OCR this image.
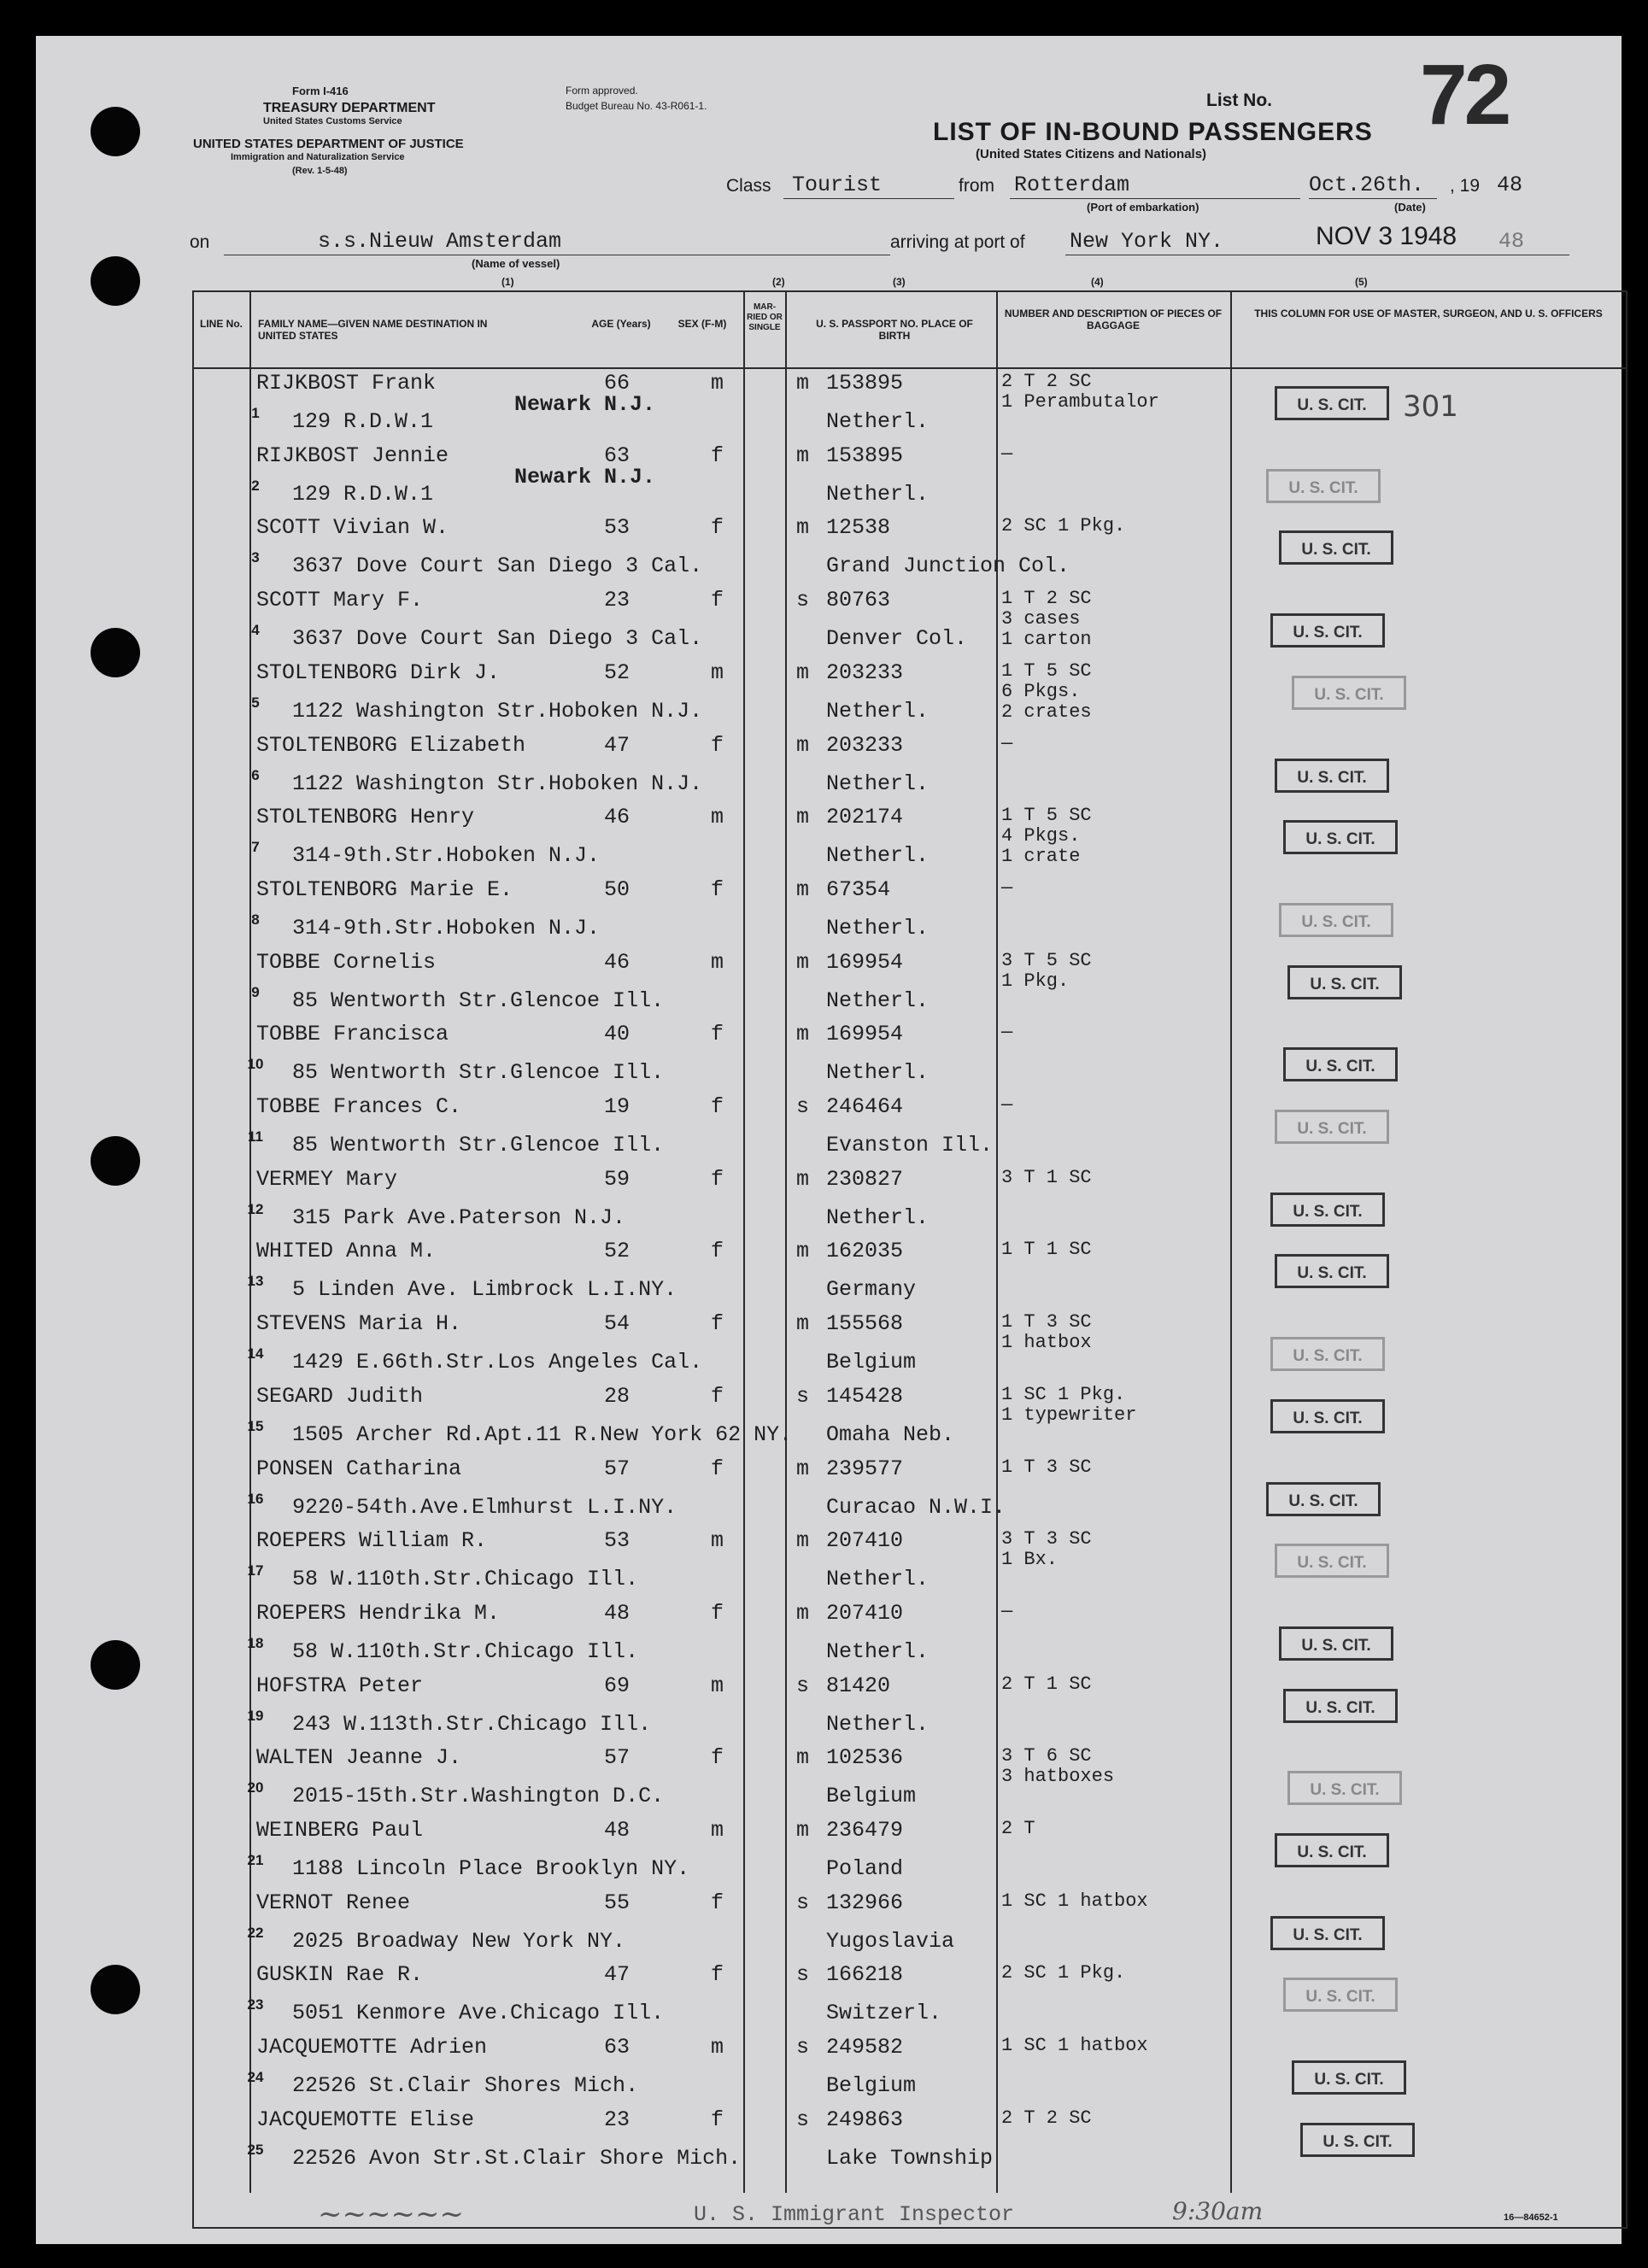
Form I-416
TREASURY DEPARTMENT
United States Customs Service
UNITED STATES DEPARTMENT OF JUSTICE
Immigration and Naturalization Service
(Rev. 1-5-48)
Form approved.
Budget Bureau No. 43-R061-1.	List No. 72
LIST OF IN-BOUND PASSENGERS
(United States Citizens and Nationals)
Class Tourist	from Rotterdam
(Port of embarkation)
Oct.26th. , 19 48
(Date)
on	s.s.Nieuw Amsterdam
(Name of vessel)
arriving at port of New York NY.	NOV 3 1948 48
(1)	(2)	(3)	(4)	(5)
LINE No.	FAMILY NAME—GIVEN NAME DESTINATION IN UNITED STATES
AGE (Years)	SEX (F-M)
MAR-RIED OR SINGLE	U. S. PASSPORT NO. PLACE OF BIRTH
NUMBER AND DESCRIPTION OF PIECES OF BAGGAGE
THIS COLUMN FOR USE OF MASTER, SURGEON, AND U. S. OFFICERS
1
RIJKBOST Frank
129 R.D.W.1
Newark N.J.
66	m	m 153895
Netherl.
2 T 2 SC
1 Perambutalor	301
U. S. CIT.
2
RIJKBOST Jennie
129 R.D.W.1
Newark N.J.
63	f	m 153895
Netherl.
—
U. S. CIT.
3
SCOTT Vivian W.
3637 Dove Court San Diego 3 Cal.
53	f	m 12538
Grand Junction Col.
2 SC 1 Pkg.
U. S. CIT.
4
SCOTT Mary F.
3637 Dove Court San Diego 3 Cal.
23	f	s 80763
Denver Col.
1 T 2 SC
3 cases
1 carton	U. S. CIT.
5
STOLTENBORG Dirk J.
1122 Washington Str.Hoboken N.J.
52	m	m 203233
Netherl.
1 T 5 SC
6 Pkgs.
2 crates
U. S. CIT.
6
STOLTENBORG Elizabeth
1122 Washington Str.Hoboken N.J.
47	f	m 203233
Netherl.
—
U. S. CIT.
7
STOLTENBORG Henry
314-9th.Str.Hoboken N.J.
46	m	m 202174
Netherl.
1 T 5 SC
4 Pkgs.
1 crate
U. S. CIT.
8
STOLTENBORG Marie E.
314-9th.Str.Hoboken N.J.
50	f	m 67354
Netherl.
—
U. S. CIT.
9
TOBBE Cornelis
85 Wentworth Str.Glencoe Ill.
46	m	m 169954
Netherl.
3 T 5 SC
1 Pkg.	U. S. CIT.
10
TOBBE Francisca
85 Wentworth Str.Glencoe Ill.
40	f	m 169954
Netherl.
—
U. S. CIT.
11
TOBBE Frances C.
85 Wentworth Str.Glencoe Ill.
19	f	s 246464
Evanston Ill.
—
U. S. CIT.
12
VERMEY Mary
315 Park Ave.Paterson N.J.
59	f	m 230827
Netherl.
3 T 1 SC
U. S. CIT.
13
WHITED Anna M.
5 Linden Ave. Limbrock L.I.NY.
52	f	m 162035
Germany
1 T 1 SC
U. S. CIT.
14
STEVENS Maria H.
1429 E.66th.Str.Los Angeles Cal.
54	f	m 155568
Belgium
1 T 3 SC
1 hatbox
U. S. CIT.
15
SEGARD Judith
1505 Archer Rd.Apt.11 R.New York 62 NY.
28	f	s 145428
Omaha Neb.
1 SC 1 Pkg.
1 typewriter	U. S. CIT.
16
PONSEN Catharina
9220-54th.Ave.Elmhurst L.I.NY.
57	f	m 239577
Curacao N.W.I.
1 T 3 SC
U. S. CIT.
17
ROEPERS William R.
58 W.110th.Str.Chicago Ill.
53	m	m 207410
Netherl.
3 T 3 SC
1 Bx.	U. S. CIT.
18
ROEPERS Hendrika M.
58 W.110th.Str.Chicago Ill.
48	f	m 207410
Netherl.
—
U. S. CIT.
19
HOFSTRA Peter
243 W.113th.Str.Chicago Ill.
69	m	s 81420
Netherl.
2 T 1 SC
U. S. CIT.
20
WALTEN Jeanne J.
2015-15th.Str.Washington D.C.
57	f	m 102536
Belgium
3 T 6 SC
3 hatboxes
U. S. CIT.
21
WEINBERG Paul
1188 Lincoln Place Brooklyn NY.
48	m	m 236479
Poland
2 T
U. S. CIT.
22
VERNOT Renee
2025 Broadway New York NY.
55	f	s 132966
Yugoslavia
1 SC 1 hatbox
U. S. CIT.
23
GUSKIN Rae R.
5051 Kenmore Ave.Chicago Ill.
47	f	s 166218
Switzerl.
2 SC 1 Pkg.
U. S. CIT.
24
JACQUEMOTTE Adrien
22526 St.Clair Shores Mich.
63	m	s 249582
Belgium
1 SC 1 hatbox
U. S. CIT.
25
JACQUEMOTTE Elise
22526 Avon Str.St.Clair Shore Mich.
23	f	s 249863
Lake Township
2 T 2 SC
U. S. CIT.
~~~~~~	U. S. Immigrant Inspector	9:30am	16—84652-1
